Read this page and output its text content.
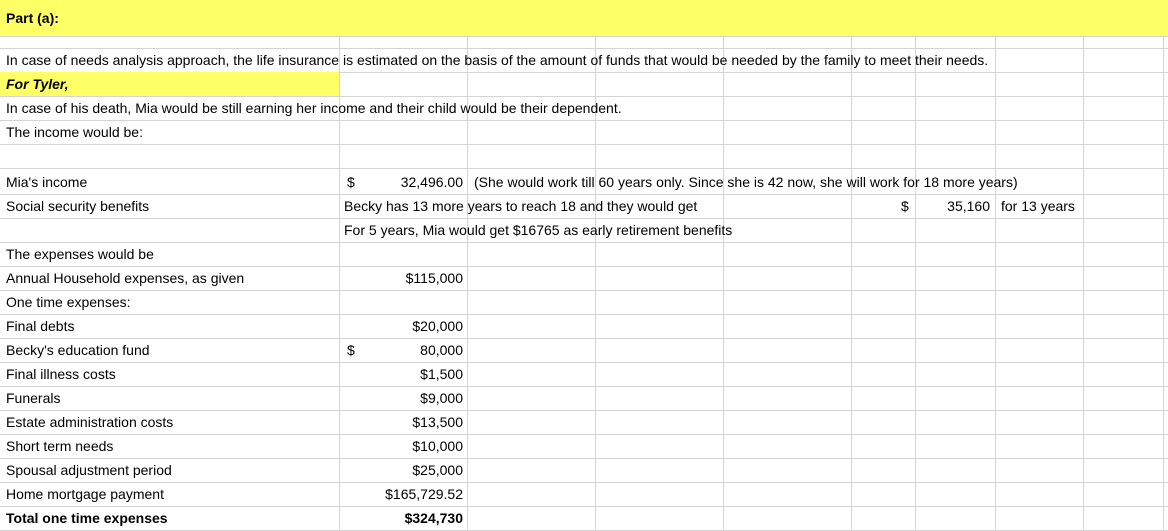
Part (a):
In case of needs analysis approach, the life insurance is estimated on the basis of the amount of funds that would be needed by the family to meet their needs.
For Tyler,
In case of his death, Mia would be still earning her income and their child would be their dependent.
The income would be:
Mia's income	$	32,496.00 (She would work till 60 years only. Since she is 42 now, she will work for 18 more years)
Social security benefits	Becky has 13 more years to reach 18 and they would get	$	35,160 for 13 years
For 5 years, Mia would get $16765 as early retirement benefits
The expenses would be
Annual Household expenses, as given	$115,000
One time expenses:
Final debts	$20,000
Becky's education fund	$	80,000
Final illness costs	$1,500
Funerals	$9,000
Estate administration costs	$13,500
Short term needs	$10,000
Spousal adjustment period	$25,000
Home mortgage payment	$165,729.52
Total one time expenses	$324,730
